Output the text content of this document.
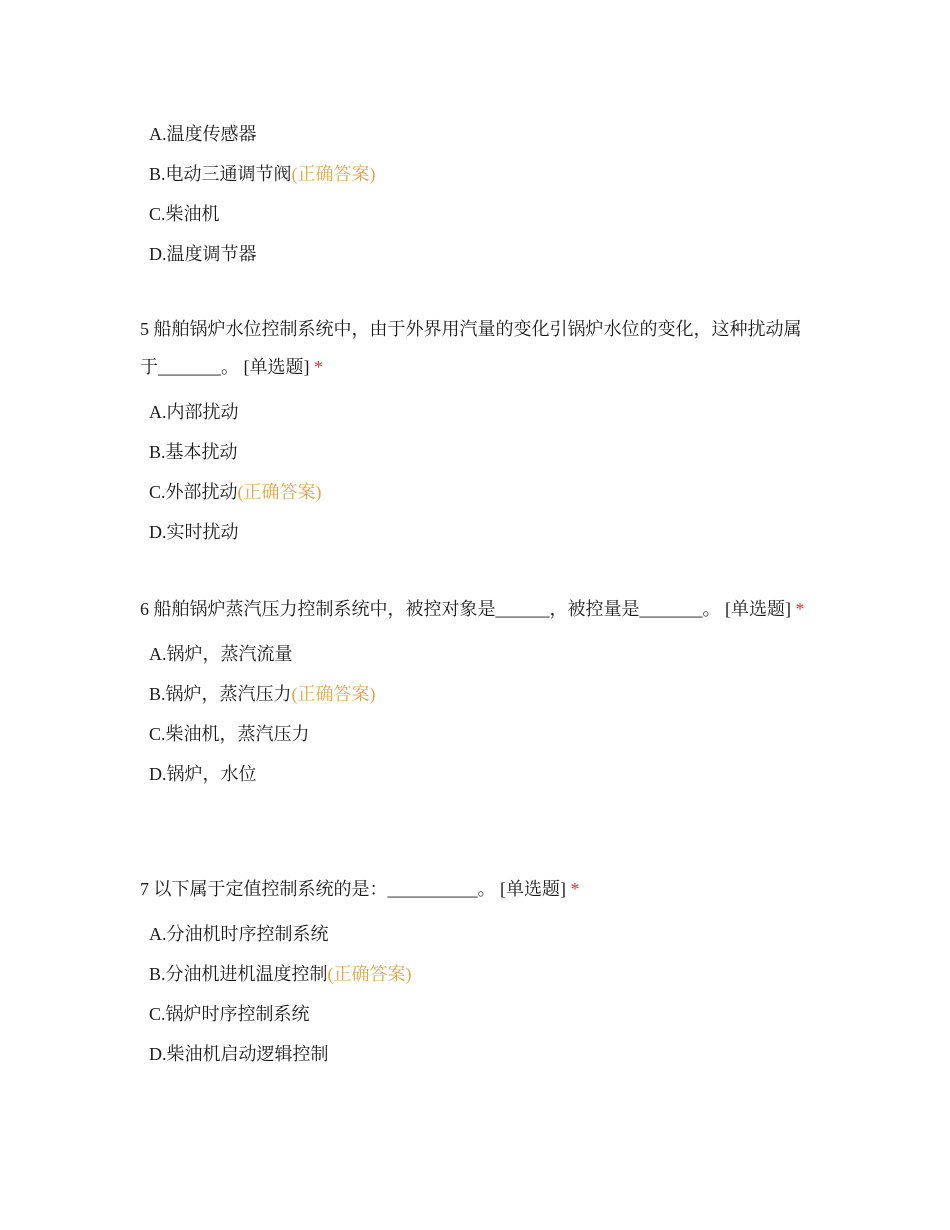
A.温度传感器
B.电动三通调节阀(正确答案)
C.柴油机
D.温度调节器

5 船舶锅炉水位控制系统中，由于外界用汽量的变化引锅炉水位的变化，这种扰动属于_______。 [单选题] *

A.内部扰动
B.基本扰动
C.外部扰动(正确答案)
D.实时扰动

6 船舶锅炉蒸汽压力控制系统中，被控对象是______，被控量是_______。 [单选题] *

A.锅炉，蒸汽流量
B.锅炉，蒸汽压力(正确答案)
C.柴油机，蒸汽压力
D.锅炉，水位

7 以下属于定值控制系统的是：__________。 [单选题] *

A.分油机时序控制系统
B.分油机进机温度控制(正确答案)
C.锅炉时序控制系统
D.柴油机启动逻辑控制
